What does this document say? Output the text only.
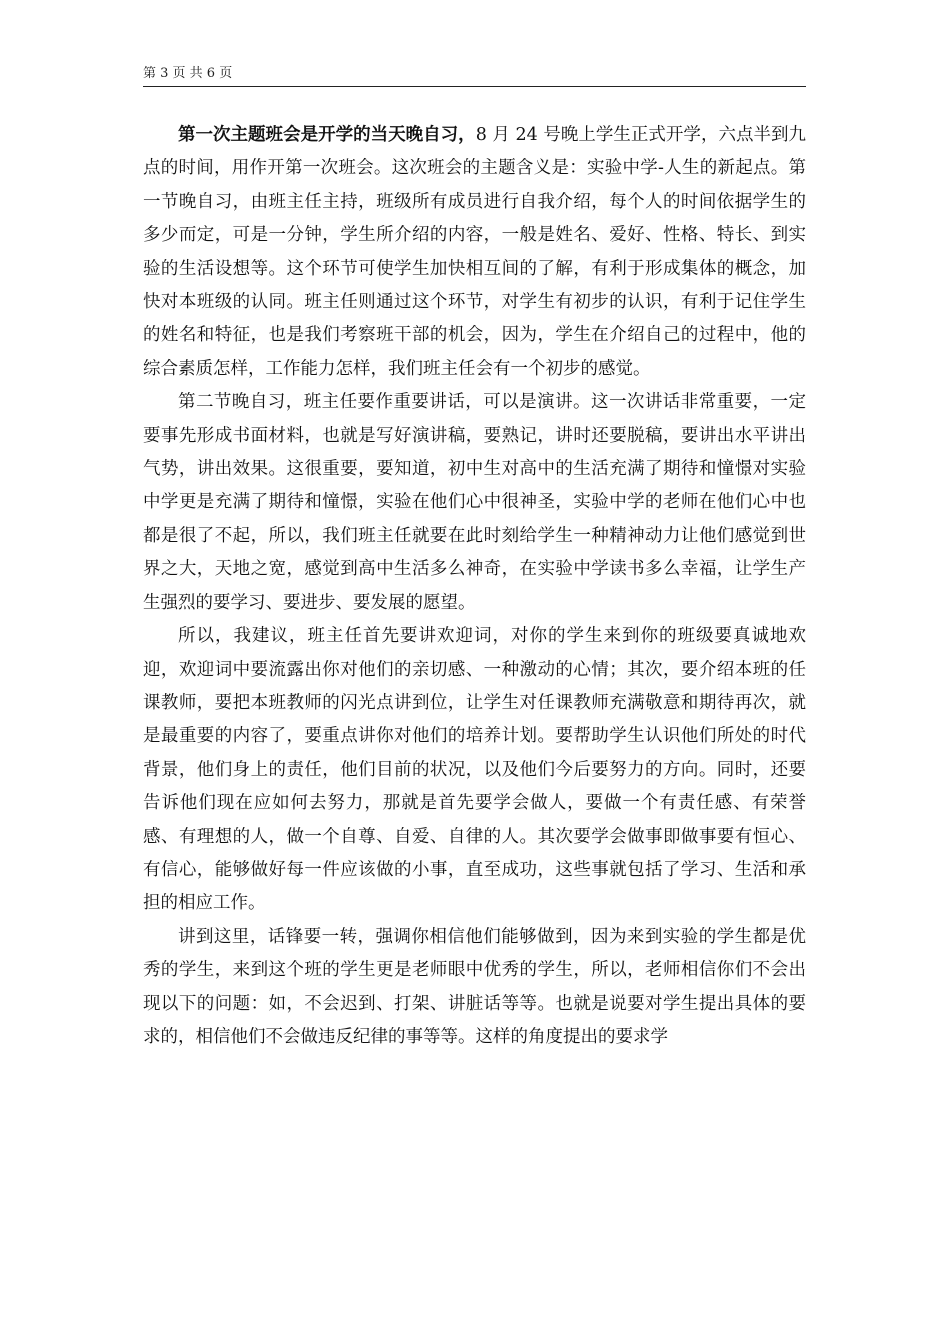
第 3 页 共 6 页

第一次主题班会是开学的当天晚自习，8 月 24 号晚上学生正式开学，六点半到九点的时间，用作开第一次班会。这次班会的主题含义是：实验中学-人生的新起点。第一节晚自习，由班主任主持，班级所有成员进行自我介绍，每个人的时间依据学生的多少而定，可是一分钟，学生所介绍的内容，一般是姓名、爱好、性格、特长、到实验的生活设想等。这个环节可使学生加快相互间的了解，有利于形成集体的概念，加快对本班级的认同。班主任则通过这个环节，对学生有初步的认识，有利于记住学生的姓名和特征，也是我们考察班干部的机会，因为，学生在介绍自己的过程中，他的综合素质怎样，工作能力怎样，我们班主任会有一个初步的感觉。

第二节晚自习，班主任要作重要讲话，可以是演讲。这一次讲话非常重要，一定要事先形成书面材料，也就是写好演讲稿，要熟记，讲时还要脱稿，要讲出水平讲出气势，讲出效果。这很重要，要知道，初中生对高中的生活充满了期待和憧憬对实验中学更是充满了期待和憧憬，实验在他们心中很神圣，实验中学的老师在他们心中也都是很了不起，所以，我们班主任就要在此时刻给学生一种精神动力让他们感觉到世界之大，天地之宽，感觉到高中生活多么神奇，在实验中学读书多么幸福，让学生产生强烈的要学习、要进步、要发展的愿望。

所以，我建议，班主任首先要讲欢迎词，对你的学生来到你的班级要真诚地欢迎，欢迎词中要流露出你对他们的亲切感、一种激动的心情；其次，要介绍本班的任课教师，要把本班教师的闪光点讲到位，让学生对任课教师充满敬意和期待再次，就是最重要的内容了，要重点讲你对他们的培养计划。要帮助学生认识他们所处的时代背景，他们身上的责任，他们目前的状况，以及他们今后要努力的方向。同时，还要告诉他们现在应如何去努力，那就是首先要学会做人，要做一个有责任感、有荣誉感、有理想的人，做一个自尊、自爱、自律的人。其次要学会做事即做事要有恒心、有信心，能够做好每一件应该做的小事，直至成功，这些事就包括了学习、生活和承担的相应工作。

讲到这里，话锋要一转，强调你相信他们能够做到，因为来到实验的学生都是优秀的学生，来到这个班的学生更是老师眼中优秀的学生，所以，老师相信你们不会出现以下的问题：如，不会迟到、打架、讲脏话等等。也就是说要对学生提出具体的要求的，相信他们不会做违反纪律的事等等。这样的角度提出的要求学
